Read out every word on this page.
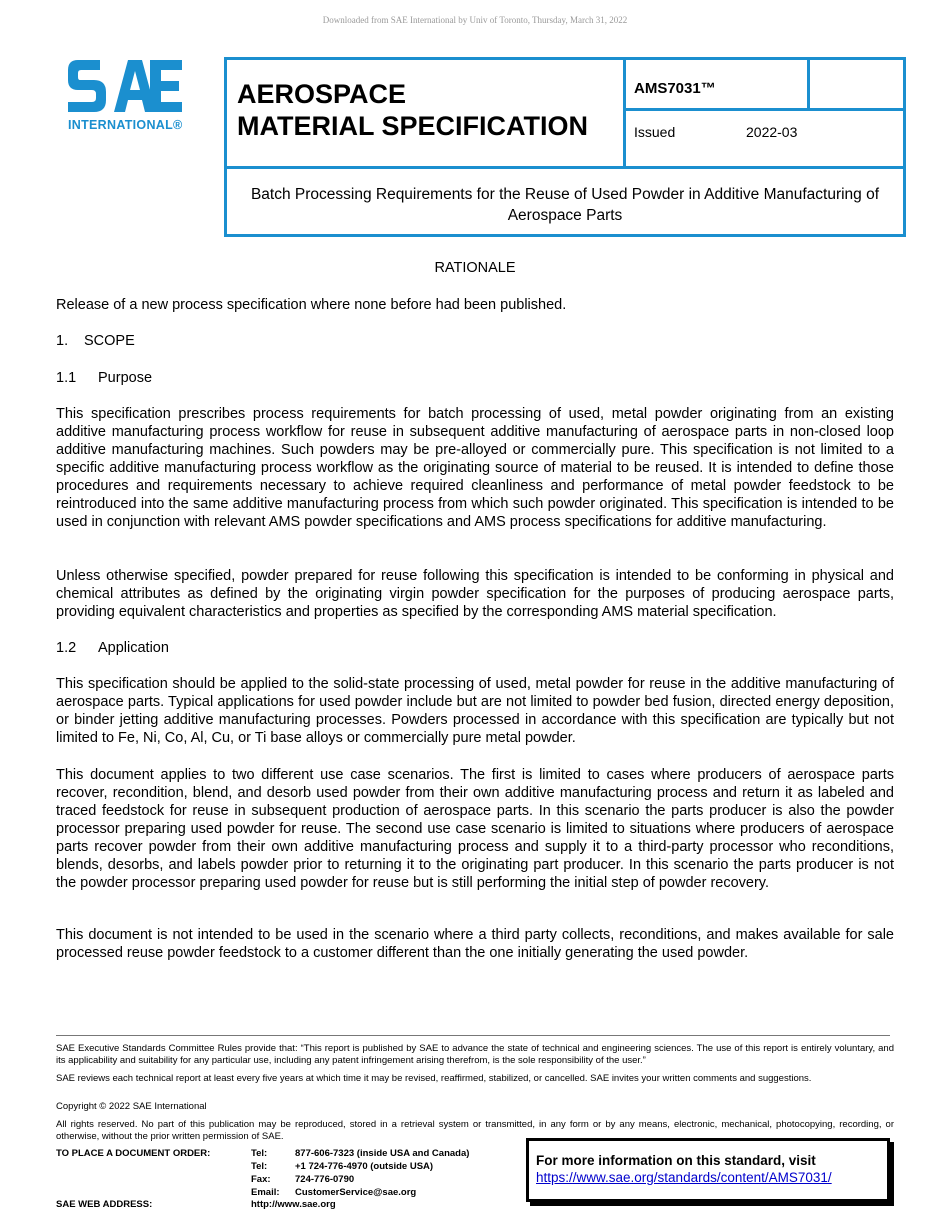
Downloaded from SAE International by Univ of Toronto, Thursday, March 31, 2022
INTERNATIONAL®
AEROSPACE
MATERIAL SPECIFICATION
AMS7031™
Issued	2022-03
Batch Processing Requirements for the Reuse of Used Powder in Additive Manufacturing of Aerospace Parts
RATIONALE
Release of a new process specification where none before had been published.
1. SCOPE
1.1 Purpose
This specification prescribes process requirements for batch processing of used, metal powder originating from an existing additive manufacturing process workflow for reuse in subsequent additive manufacturing of aerospace parts in non-closed loop additive manufacturing machines. Such powders may be pre-alloyed or commercially pure. This specification is not limited to a specific additive manufacturing process workflow as the originating source of material to be reused. It is intended to define those procedures and requirements necessary to achieve required cleanliness and performance of metal powder feedstock to be reintroduced into the same additive manufacturing process from which such powder originated. This specification is intended to be used in conjunction with relevant AMS powder specifications and AMS process specifications for additive manufacturing.
Unless otherwise specified, powder prepared for reuse following this specification is intended to be conforming in physical and chemical attributes as defined by the originating virgin powder specification for the purposes of producing aerospace parts, providing equivalent characteristics and properties as specified by the corresponding AMS material specification.
1.2 Application
This specification should be applied to the solid-state processing of used, metal powder for reuse in the additive manufacturing of aerospace parts. Typical applications for used powder include but are not limited to powder bed fusion, directed energy deposition, or binder jetting additive manufacturing processes. Powders processed in accordance with this specification are typically but not limited to Fe, Ni, Co, Al, Cu, or Ti base alloys or commercially pure metal powder.
This document applies to two different use case scenarios. The first is limited to cases where producers of aerospace parts recover, recondition, blend, and desorb used powder from their own additive manufacturing process and return it as labeled and traced feedstock for reuse in subsequent production of aerospace parts. In this scenario the parts producer is also the powder processor preparing used powder for reuse. The second use case scenario is limited to situations where producers of aerospace parts recover powder from their own additive manufacturing process and supply it to a third-party processor who reconditions, blends, desorbs, and labels powder prior to returning it to the originating part producer. In this scenario the parts producer is not the powder processor preparing used powder for reuse but is still performing the initial step of powder recovery.
This document is not intended to be used in the scenario where a third party collects, reconditions, and makes available for sale processed reuse powder feedstock to a customer different than the one initially generating the used powder.
SAE Executive Standards Committee Rules provide that: “This report is published by SAE to advance the state of technical and engineering sciences. The use of this report is entirely voluntary, and its applicability and suitability for any particular use, including any patent infringement arising therefrom, is the sole responsibility of the user.”
SAE reviews each technical report at least every five years at which time it may be revised, reaffirmed, stabilized, or cancelled. SAE invites your written comments and suggestions.
Copyright © 2022 SAE International
All rights reserved. No part of this publication may be reproduced, stored in a retrieval system or transmitted, in any form or by any means, electronic, mechanical, photocopying, recording, or otherwise, without the prior written permission of SAE.
TO PLACE A DOCUMENT ORDER:	Tel:	877-606-7323 (inside USA and Canada)
Tel:	+1 724-776-4970 (outside USA)
Fax:	724-776-0790
Email: CustomerService@sae.org
SAE WEB ADDRESS:	http://www.sae.org
For more information on this standard, visit
https://www.sae.org/standards/content/AMS7031/
